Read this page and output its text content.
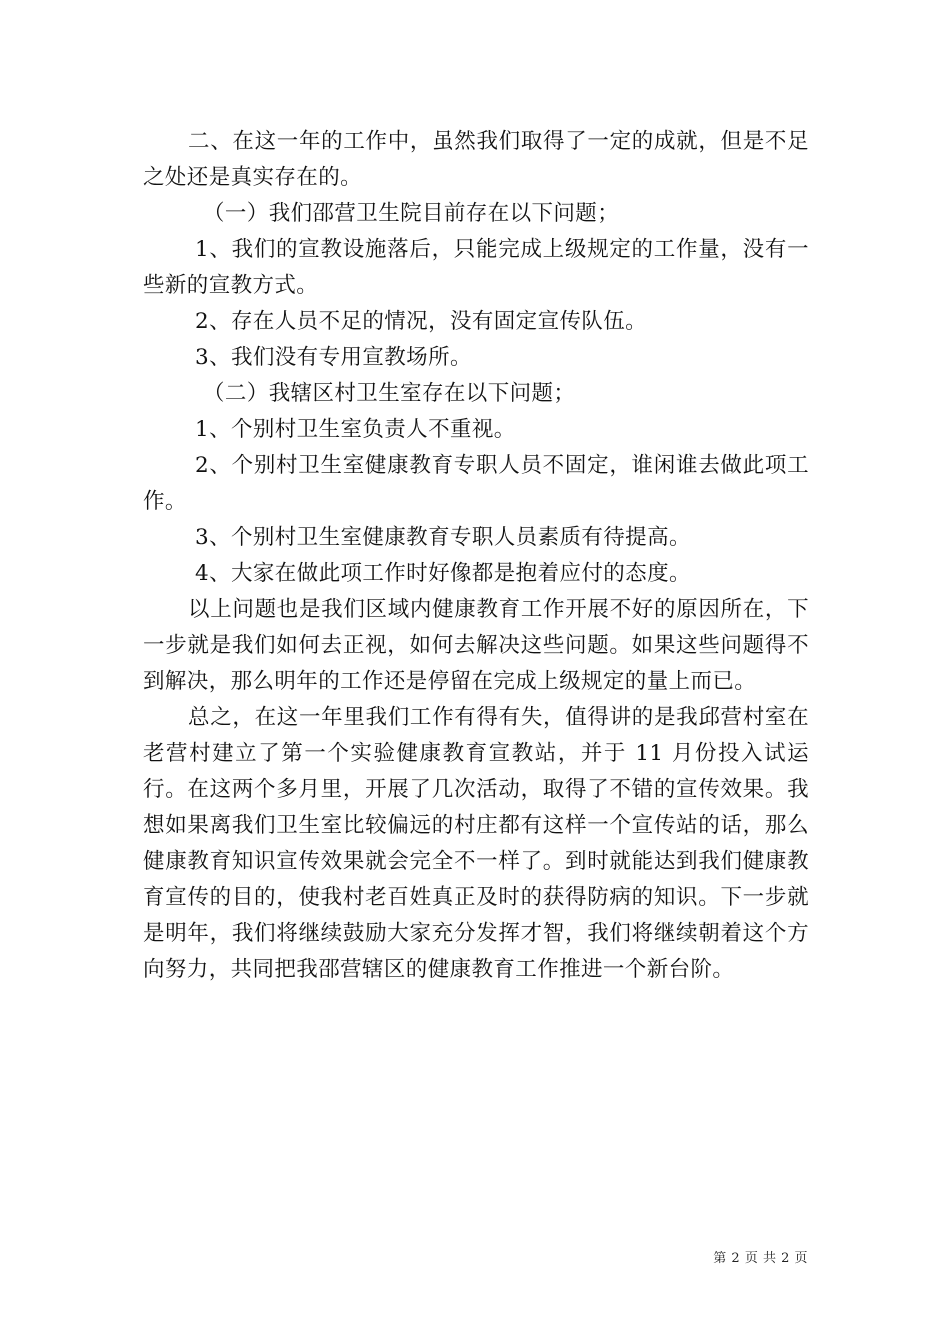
二、在这一年的工作中，虽然我们取得了一定的成就，但是不足之处还是真实存在的。

（一）我们邵营卫生院目前存在以下问题；

1、我们的宣教设施落后，只能完成上级规定的工作量，没有一些新的宣教方式。

2、存在人员不足的情况，没有固定宣传队伍。

3、我们没有专用宣教场所。

（二）我辖区村卫生室存在以下问题；

1、个别村卫生室负责人不重视。

2、个别村卫生室健康教育专职人员不固定，谁闲谁去做此项工作。

3、个别村卫生室健康教育专职人员素质有待提高。

4、大家在做此项工作时好像都是抱着应付的态度。

以上问题也是我们区域内健康教育工作开展不好的原因所在，下一步就是我们如何去正视，如何去解决这些问题。如果这些问题得不到解决，那么明年的工作还是停留在完成上级规定的量上而已。

总之，在这一年里我们工作有得有失，值得讲的是我邱营村室在老营村建立了第一个实验健康教育宣教站，并于 11 月份投入试运行。在这两个多月里，开展了几次活动，取得了不错的宣传效果。我想如果离我们卫生室比较偏远的村庄都有这样一个宣传站的话，那么健康教育知识宣传效果就会完全不一样了。到时就能达到我们健康教育宣传的目的，使我村老百姓真正及时的获得防病的知识。下一步就是明年，我们将继续鼓励大家充分发挥才智，我们将继续朝着这个方向努力，共同把我邵营辖区的健康教育工作推进一个新台阶。

第 2 页 共 2 页
